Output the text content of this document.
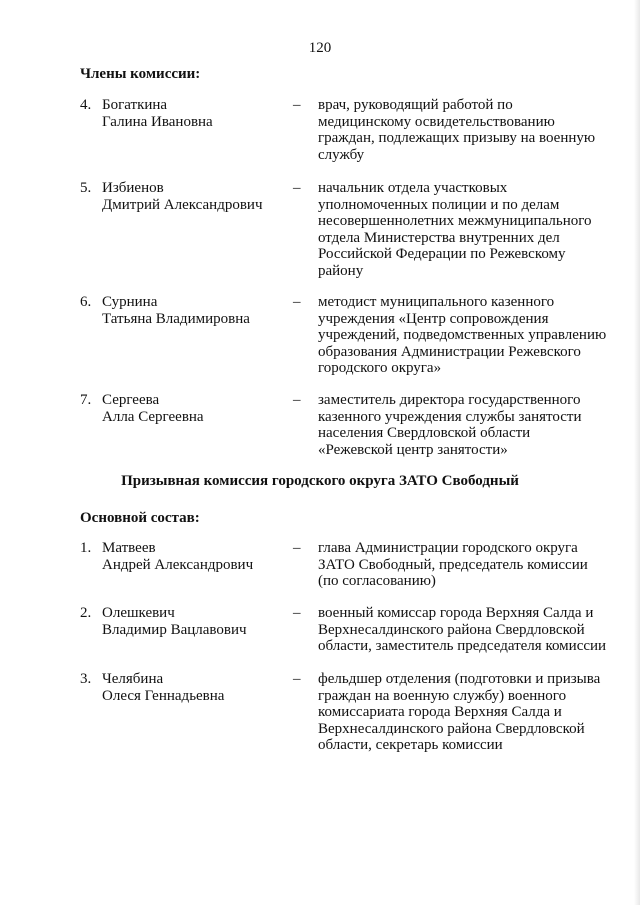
120
Члены комиссии:
4. Богаткина
Галина Ивановна
– врач, руководящий работой по
медицинскому освидетельствованию
граждан, подлежащих призыву на военную
службу
5. Избиенов
Дмитрий Александрович
– начальник отдела участковых
уполномоченных полиции и по делам
несовершеннолетних межмуниципального
отдела Министерства внутренних дел
Российской Федерации по Режевскому
району
6. Сурнина
Татьяна Владимировна
– методист муниципального казенного
учреждения «Центр сопровождения
учреждений, подведомственных управлению
образования Администрации Режевского
городского округа»
7. Сергеева
Алла Сергеевна
– заместитель директора государственного
казенного учреждения службы занятости
населения Свердловской области
«Режевской центр занятости»
Призывная комиссия городского округа ЗАТО Свободный
Основной состав:
1. Матвеев
Андрей Александрович
– глава Администрации городского округа
ЗАТО Свободный, председатель комиссии
(по согласованию)
2. Олешкевич
Владимир Вацлавович
– военный комиссар города Верхняя Салда и
Верхнесалдинского района Свердловской
области, заместитель председателя комиссии
3. Челябина
Олеся Геннадьевна
– фельдшер отделения (подготовки и призыва
граждан на военную службу) военного
комиссариата города Верхняя Салда и
Верхнесалдинского района Свердловской
области, секретарь комиссии
